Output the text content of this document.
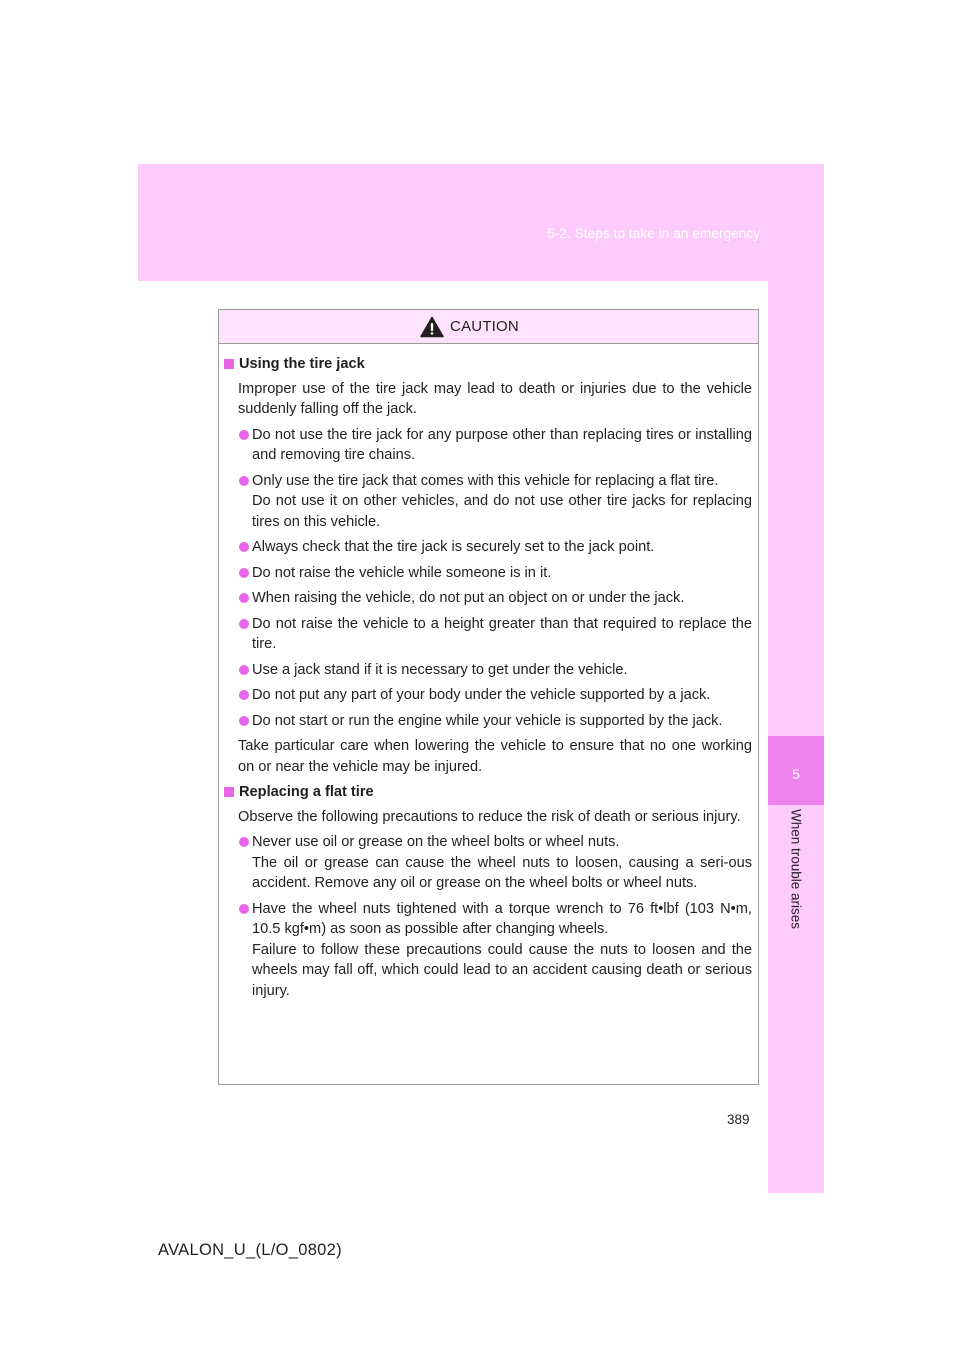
5-2. Steps to take in an emergency
5
When trouble arises
CAUTION
Using the tire jack
Improper use of the tire jack may lead to death or injuries due to the vehicle suddenly falling off the jack.
Do not use the tire jack for any purpose other than replacing tires or installing and removing tire chains.
Only use the tire jack that comes with this vehicle for replacing a flat tire.
Do not use it on other vehicles, and do not use other tire jacks for replacing tires on this vehicle.
Always check that the tire jack is securely set to the jack point.
Do not raise the vehicle while someone is in it.
When raising the vehicle, do not put an object on or under the jack.
Do not raise the vehicle to a height greater than that required to replace the tire.
Use a jack stand if it is necessary to get under the vehicle.
Do not put any part of your body under the vehicle supported by a jack.
Do not start or run the engine while your vehicle is supported by the jack.
Take particular care when lowering the vehicle to ensure that no one working on or near the vehicle may be injured.
Replacing a flat tire
Observe the following precautions to reduce the risk of death or serious injury.
Never use oil or grease on the wheel bolts or wheel nuts.
The oil or grease can cause the wheel nuts to loosen, causing a seri-ous accident. Remove any oil or grease on the wheel bolts or wheel nuts.
Have the wheel nuts tightened with a torque wrench to 76 ft•lbf (103 N•m, 10.5 kgf•m) as soon as possible after changing wheels.
Failure to follow these precautions could cause the nuts to loosen and the wheels may fall off, which could lead to an accident causing death or serious injury.
389
AVALON_U_(L/O_0802)
